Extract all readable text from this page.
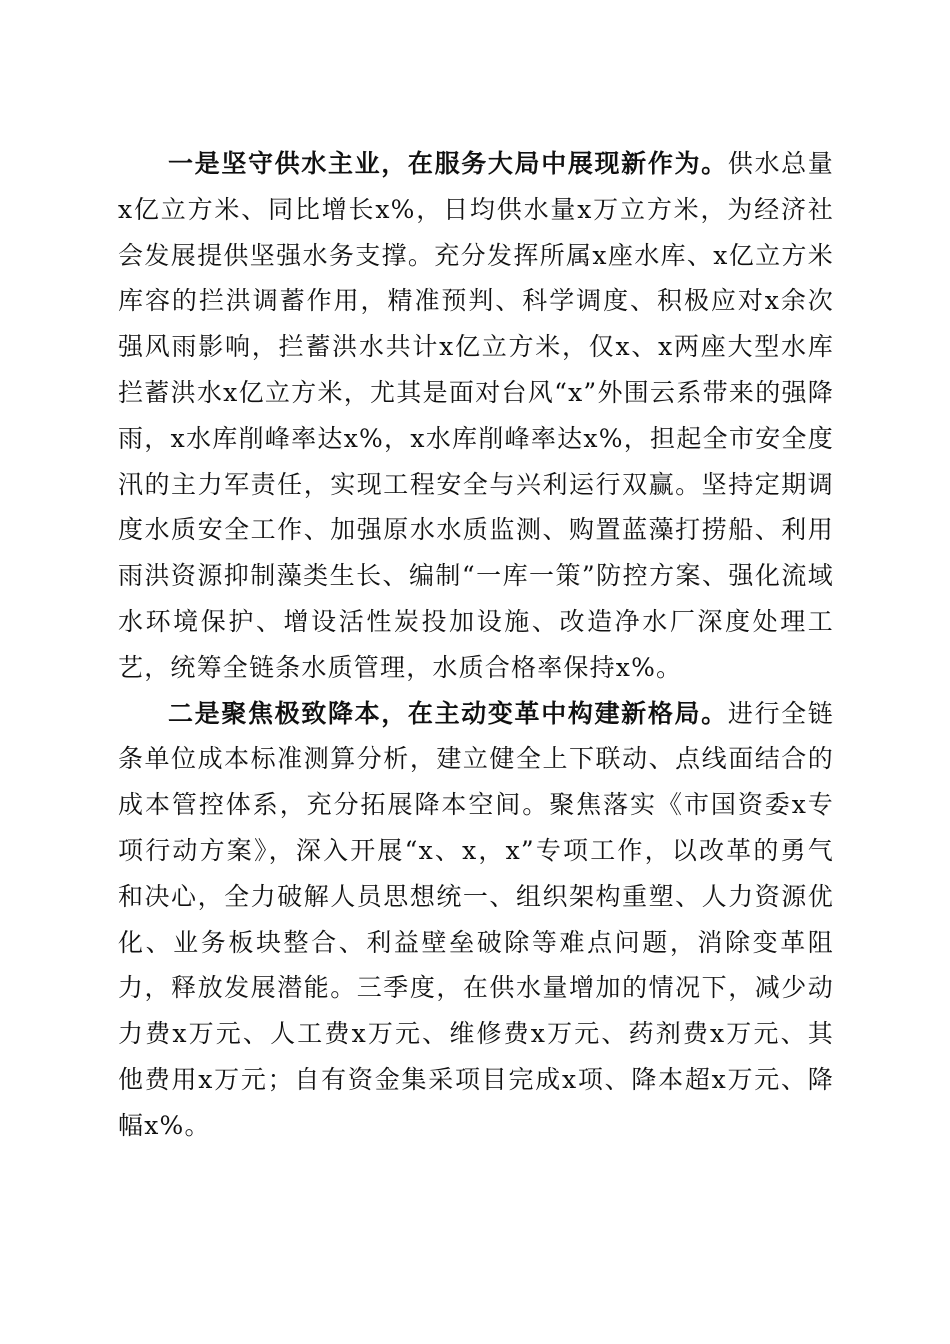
一是坚守供水主业，在服务大局中展现新作为。供水总量x亿立方米、同比增长x%，日均供水量x万立方米，为经济社会发展提供坚强水务支撑。充分发挥所属x座水库、x亿立方米库容的拦洪调蓄作用，精准预判、科学调度、积极应对x余次强风雨影响，拦蓄洪水共计x亿立方米，仅x、x两座大型水库拦蓄洪水x亿立方米，尤其是面对台风“x”外围云系带来的强降雨，x水库削峰率达x%，x水库削峰率达x%，担起全市安全度汛的主力军责任，实现工程安全与兴利运行双赢。坚持定期调度水质安全工作、加强原水水质监测、购置蓝藻打捞船、利用雨洪资源抑制藻类生长、编制“一库一策”防控方案、强化流域水环境保护、增设活性炭投加设施、改造净水厂深度处理工艺，统筹全链条水质管理，水质合格率保持x%。

二是聚焦极致降本，在主动变革中构建新格局。进行全链条单位成本标准测算分析，建立健全上下联动、点线面结合的成本管控体系，充分拓展降本空间。聚焦落实《市国资委x专项行动方案》，深入开展“x、x，x”专项工作，以改革的勇气和决心，全力破解人员思想统一、组织架构重塑、人力资源优化、业务板块整合、利益壁垒破除等难点问题，消除变革阻力，释放发展潜能。三季度，在供水量增加的情况下，减少动力费x万元、人工费x万元、维修费x万元、药剂费x万元、其他费用x万元；自有资金集采项目完成x项、降本超x万元、降幅x%。
